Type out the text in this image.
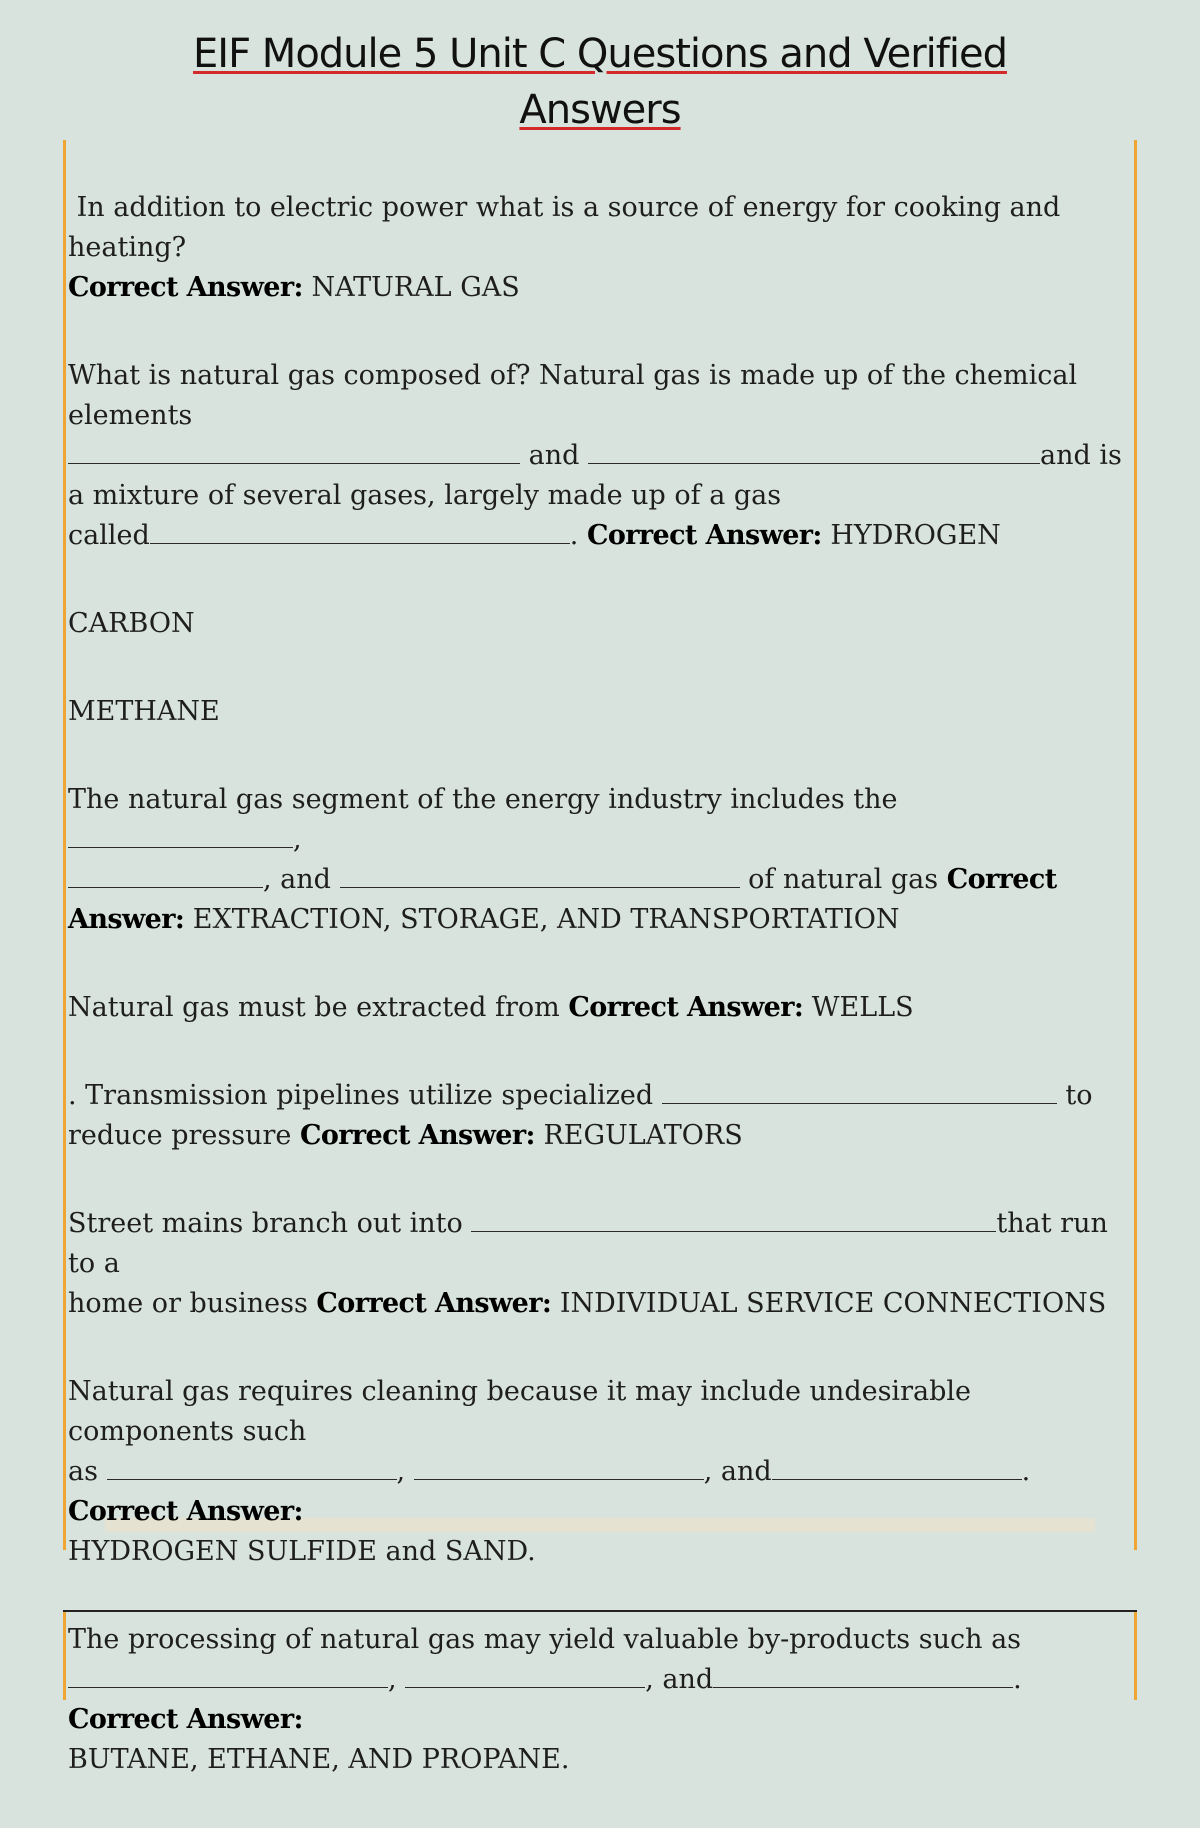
EIF Module 5 Unit C Questions and Verified
Answers
In addition to electric power what is a source of energy for cooking and heating?
Correct Answer: NATURAL GAS
What is natural gas composed of? Natural gas is made up of the chemical elements
and	and is
a mixture of several gases, largely made up of a gas
called	. Correct Answer: HYDROGEN
CARBON
METHANE
The natural gas segment of the energy industry includes the ,
, and	of natural gas Correct Answer: EXTRACTION, STORAGE, AND TRANSPORTATION
Natural gas must be extracted from Correct Answer: WELLS
. Transmission pipelines utilize specialized	to
reduce pressure Correct Answer: REGULATORS
Street mains branch out into	that run to a
home or business Correct Answer: INDIVIDUAL SERVICE CONNECTIONS
Natural gas requires cleaning because it may include undesirable components such
as	,	, and	. Correct Answer:
HYDROGEN SULFIDE and SAND.
The processing of natural gas may yield valuable by-products such as
,	, and	. Correct Answer:
BUTANE, ETHANE, AND PROPANE.
